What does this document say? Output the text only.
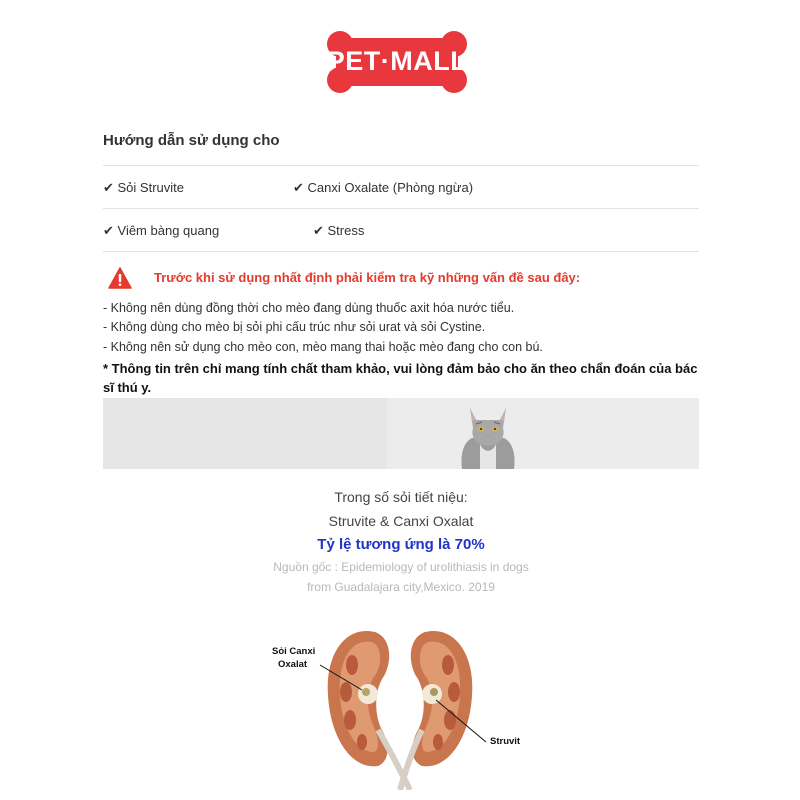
PET·MALL
Hướng dẫn sử dụng cho
✔ Sỏi Struvite	✔ Canxi Oxalate (Phòng ngừa)
✔ Viêm bàng quang	✔ Stress
Trước khi sử dụng nhất định phải kiểm tra kỹ những vấn đề sau đây:
- Không nên dùng đồng thời cho mèo đang dùng thuốc axit hóa nước tiểu.
- Không dùng cho mèo bị sỏi phi cấu trúc như sỏi urat và sỏi Cystine.
- Không nên sử dụng cho mèo con, mèo mang thai hoặc mèo đang cho con bú.
* Thông tin trên chỉ mang tính chất tham khảo, vui lòng đảm bảo cho ăn theo chẩn đoán của bác sĩ thú y.
Trong số sỏi tiết niệu:
Struvite & Canxi Oxalat
Tỷ lệ tương ứng là 70%
Nguồn gốc : Epidemiology of urolithiasis in dogs
from Guadalajara city,Mexico. 2019
Sỏi Canxi
Oxalat
Struvit
